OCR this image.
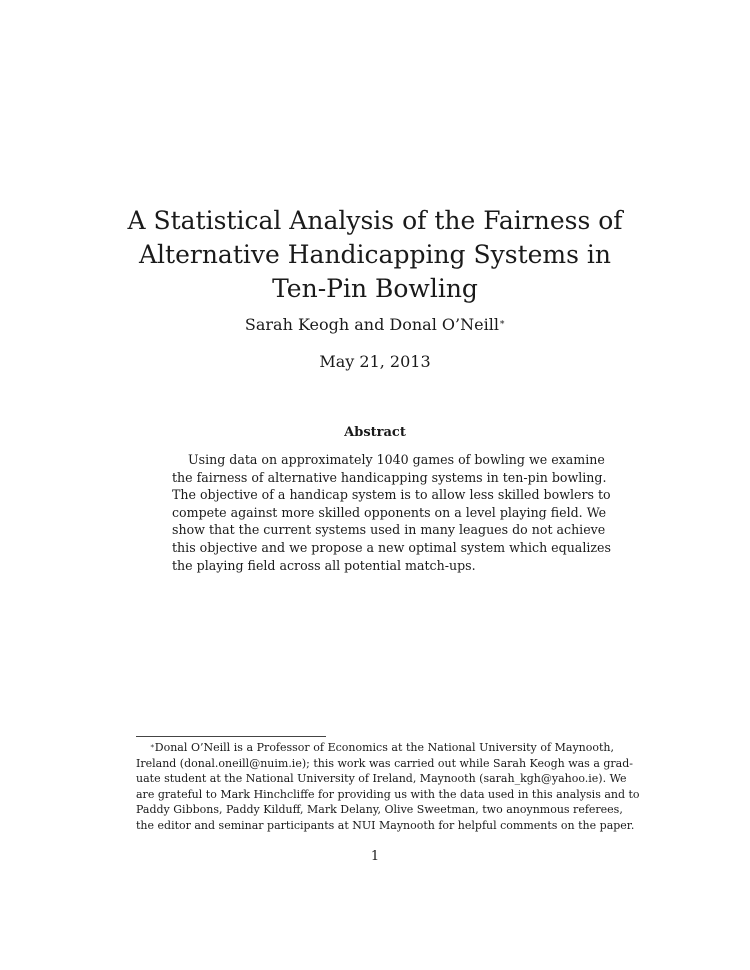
A Statistical Analysis of the Fairness of
Alternative Handicapping Systems in
Ten-Pin Bowling
Sarah Keogh and Donal O’Neill∗
May 21, 2013
Abstract

Using data on approximately 1040 games of bowling we examine
the fairness of alternative handicapping systems in ten-pin bowling.
The objective of a handicap system is to allow less skilled bowlers to
compete against more skilled opponents on a level playing field. We
show that the current systems used in many leagues do not achieve
this objective and we propose a new optimal system which equalizes
the playing field across all potential match-ups.

∗Donal O’Neill is a Professor of Economics at the National University of Maynooth,
Ireland (donal.oneill@nuim.ie); this work was carried out while Sarah Keogh was a grad-
uate student at the National University of Ireland, Maynooth (sarah_kgh@yahoo.ie). We
are grateful to Mark Hinchcliffe for providing us with the data used in this analysis and to
Paddy Gibbons, Paddy Kilduff, Mark Delany, Olive Sweetman, two anoynmous referees,
the editor and seminar participants at NUI Maynooth for helpful comments on the paper.

1
